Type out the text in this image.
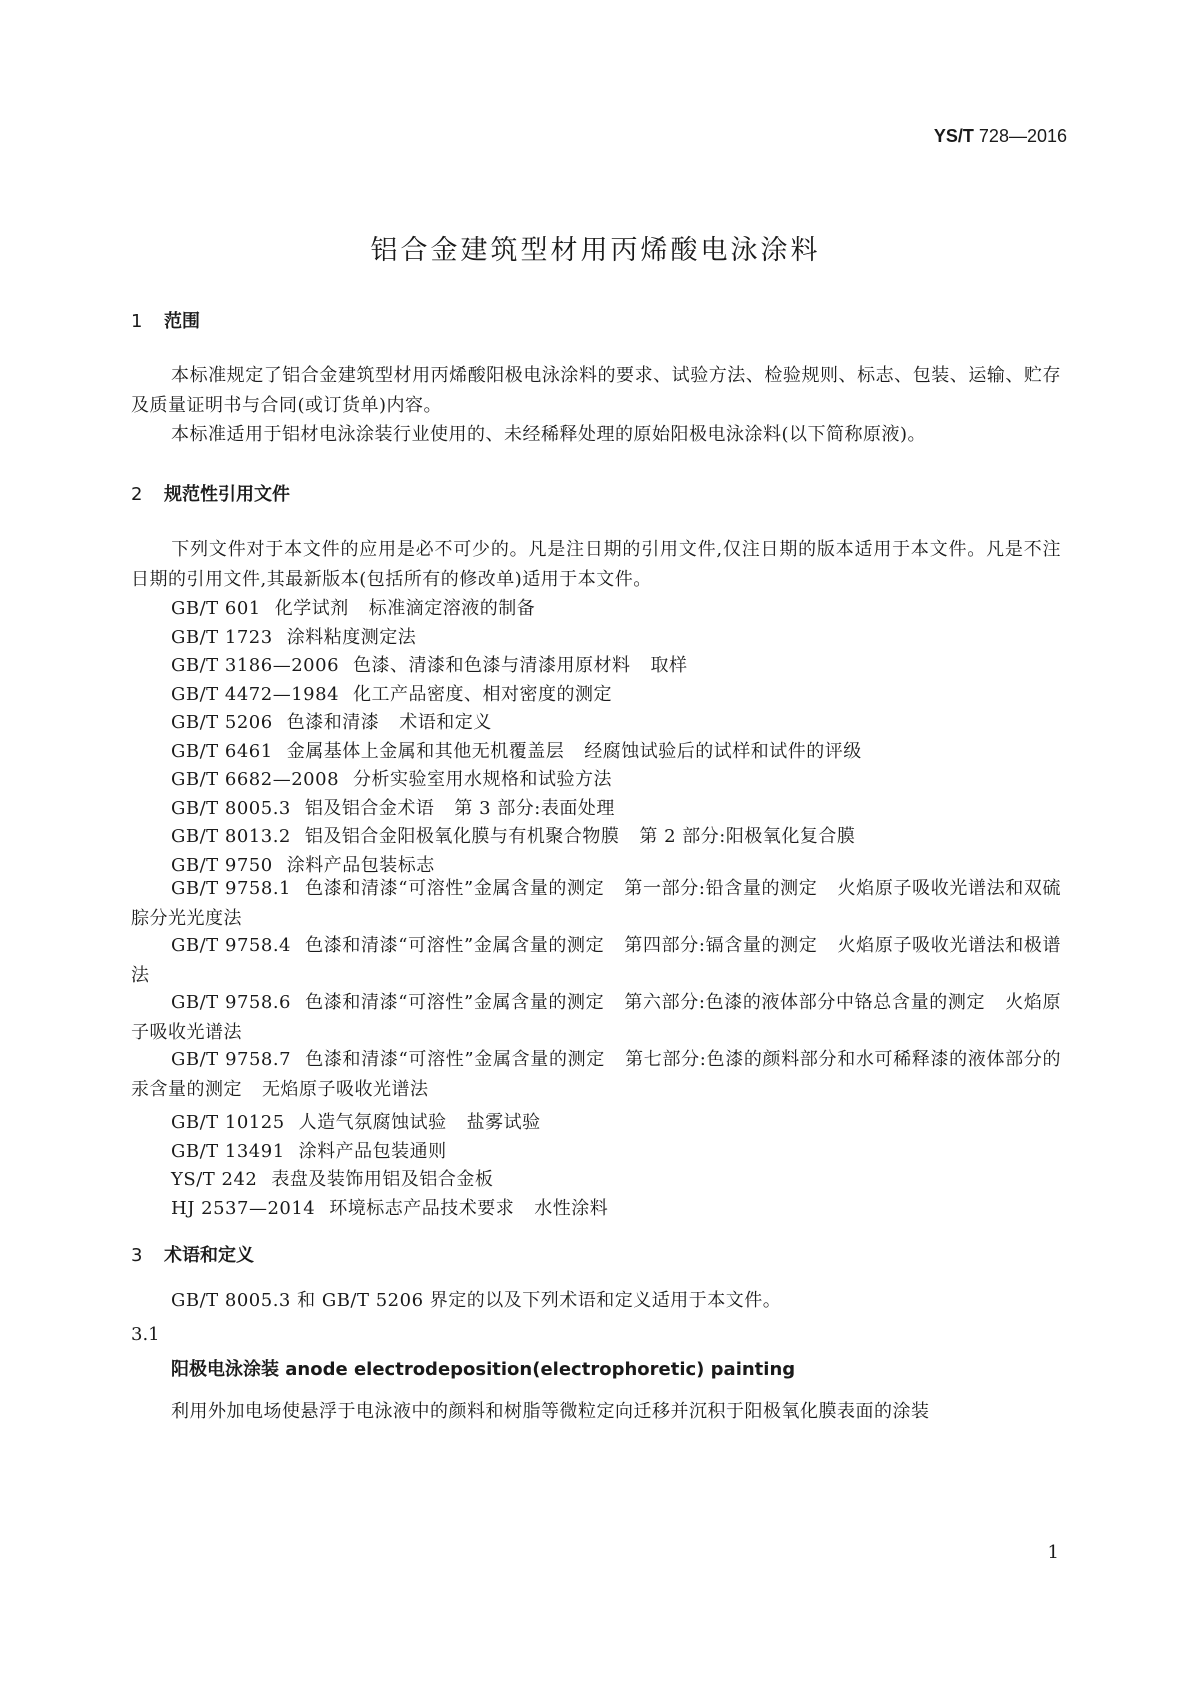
YS/T 728—2016
铝合金建筑型材用丙烯酸电泳涂料
1 范围
本标准规定了铝合金建筑型材用丙烯酸阳极电泳涂料的要求、试验方法、检验规则、标志、包装、运输、贮存及质量证明书与合同(或订货单)内容。
本标准适用于铝材电泳涂装行业使用的、未经稀释处理的原始阳极电泳涂料(以下简称原液)。
2 规范性引用文件
下列文件对于本文件的应用是必不可少的。凡是注日期的引用文件,仅注日期的版本适用于本文件。凡是不注日期的引用文件,其最新版本(包括所有的修改单)适用于本文件。
GB/T 601 化学试剂 标准滴定溶液的制备
GB/T 1723 涂料粘度测定法
GB/T 3186—2006 色漆、清漆和色漆与清漆用原材料 取样
GB/T 4472—1984 化工产品密度、相对密度的测定
GB/T 5206 色漆和清漆 术语和定义
GB/T 6461 金属基体上金属和其他无机覆盖层 经腐蚀试验后的试样和试件的评级
GB/T 6682—2008 分析实验室用水规格和试验方法
GB/T 8005.3 铝及铝合金术语 第 3 部分:表面处理
GB/T 8013.2 铝及铝合金阳极氧化膜与有机聚合物膜 第 2 部分:阳极氧化复合膜
GB/T 9750 涂料产品包装标志
GB/T 9758.1 色漆和清漆“可溶性”金属含量的测定 第一部分:铅含量的测定 火焰原子吸收光谱法和双硫腙分光光度法
GB/T 9758.4 色漆和清漆“可溶性”金属含量的测定 第四部分:镉含量的测定 火焰原子吸收光谱法和极谱法
GB/T 9758.6 色漆和清漆“可溶性”金属含量的测定 第六部分:色漆的液体部分中铬总含量的测定 火焰原子吸收光谱法
GB/T 9758.7 色漆和清漆“可溶性”金属含量的测定 第七部分:色漆的颜料部分和水可稀释漆的液体部分的汞含量的测定 无焰原子吸收光谱法
GB/T 10125 人造气氛腐蚀试验 盐雾试验
GB/T 13491 涂料产品包装通则
YS/T 242 表盘及装饰用铝及铝合金板
HJ 2537—2014 环境标志产品技术要求 水性涂料
3 术语和定义
GB/T 8005.3 和 GB/T 5206 界定的以及下列术语和定义适用于本文件。
3.1
阳极电泳涂装 anode electrodeposition(electrophoretic) painting
利用外加电场使悬浮于电泳液中的颜料和树脂等微粒定向迁移并沉积于阳极氧化膜表面的涂装
1
